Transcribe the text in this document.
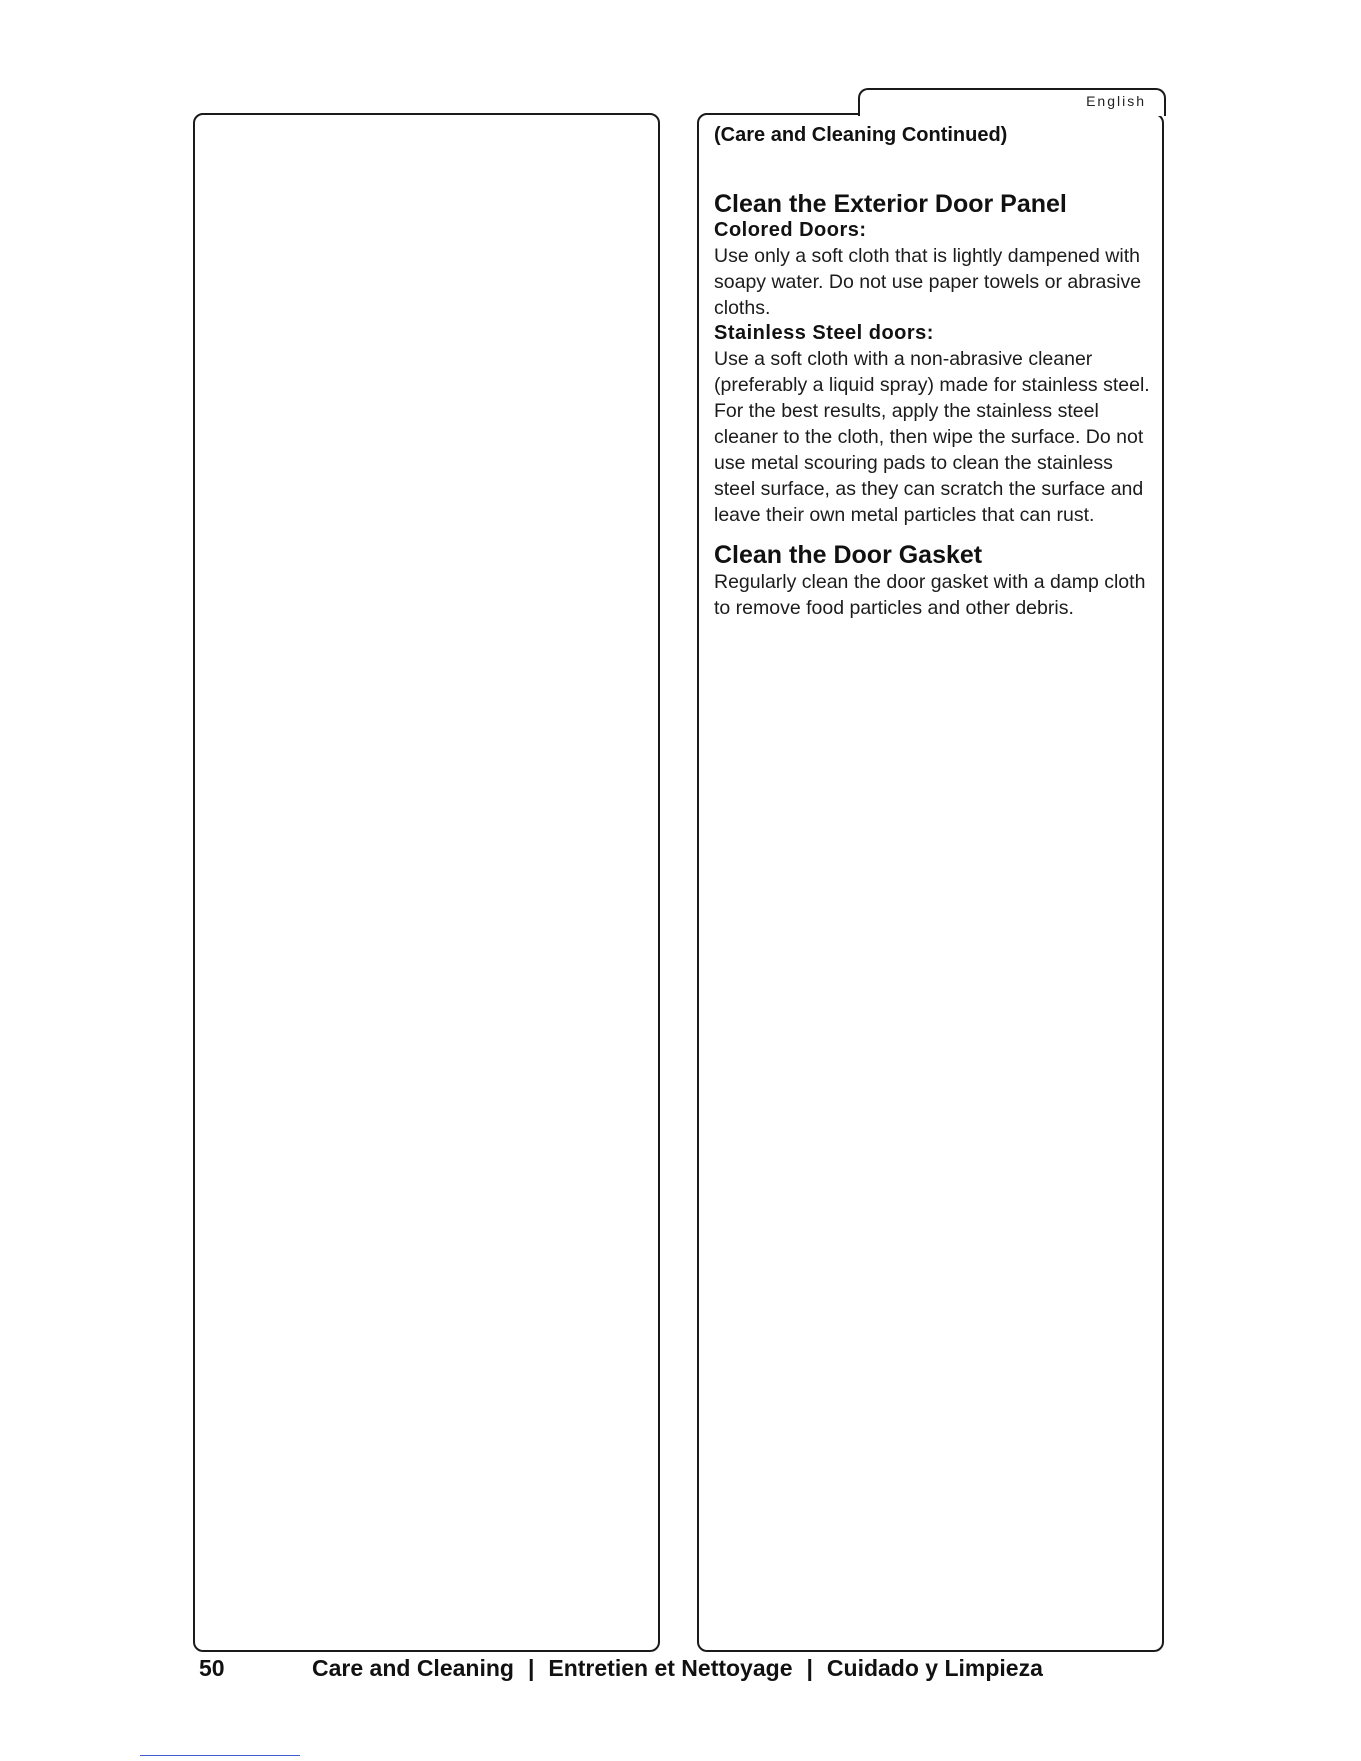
English

(Care and Cleaning Continued)

Clean the Exterior Door Panel
Colored Doors:

Use only a soft cloth that is lightly dampened with soapy water. Do not use paper towels or abrasive cloths.

Stainless Steel doors:

Use a soft cloth with a non-abrasive cleaner (preferably a liquid spray) made for stainless steel. For the best results, apply the stainless steel cleaner to the cloth, then wipe the surface. Do not use metal scouring pads to clean the stainless steel surface, as they can scratch the surface and leave their own metal particles that can rust.

Clean the Door Gasket

Regularly clean the door gasket with a damp cloth to remove food particles and other debris.

50	Care and Cleaning | Entretien et Nettoyage | Cuidado y Limpieza
